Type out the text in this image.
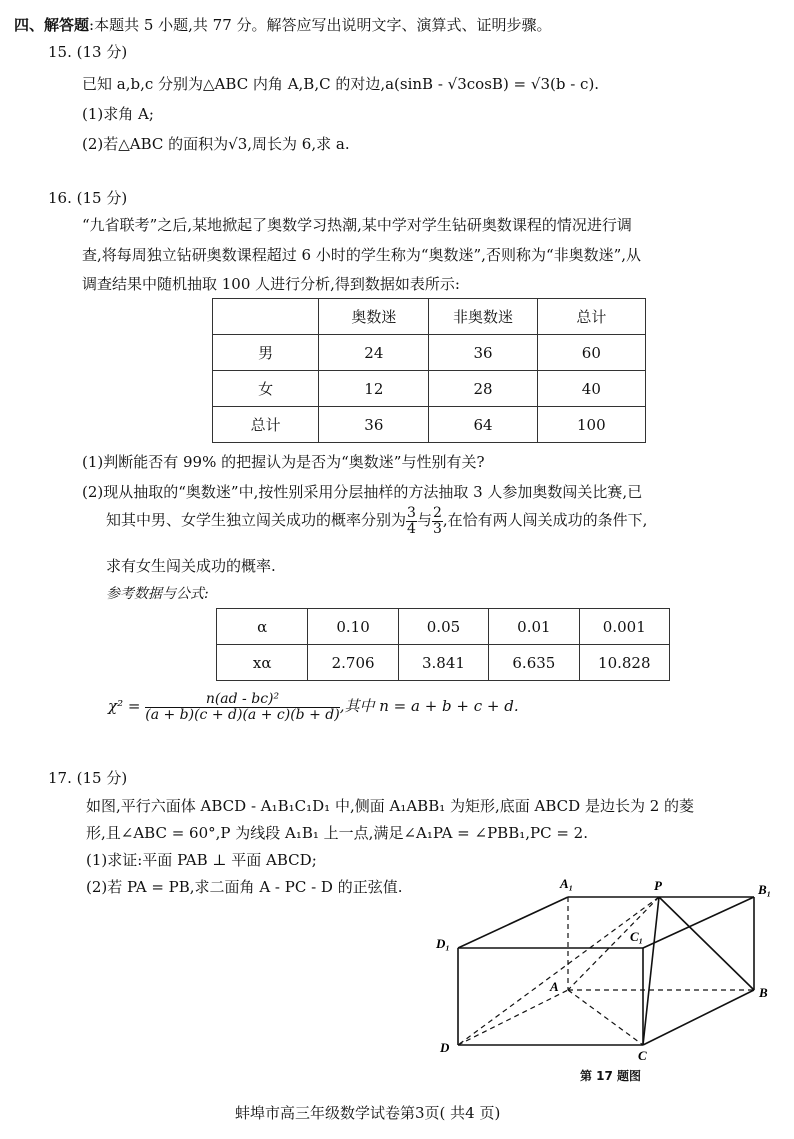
四、解答题:本题共 5 小题,共 77 分。解答应写出说明文字、演算式、证明步骤。
15. (13 分)
已知 a,b,c 分别为△ABC 内角 A,B,C 的对边,a(sinB - √3cosB) = √3(b - c).
(1)求角 A;
(2)若△ABC 的面积为√3,周长为 6,求 a.
16. (15 分)
“九省联考”之后,某地掀起了奥数学习热潮,某中学对学生钻研奥数课程的情况进行调
查,将每周独立钻研奥数课程超过 6 小时的学生称为“奥数迷”,否则称为“非奥数迷”,从
调查结果中随机抽取 100 人进行分析,得到数据如表所示:
	奥数迷	非奥数迷	总计
男	24	36	60
女	12	28	40
总计	36	64	100
(1)判断能否有 99% 的把握认为是否为“奥数迷”与性别有关?
(2)现从抽取的“奥数迷”中,按性别采用分层抽样的方法抽取 3 人参加奥数闯关比赛,已
知其中男、女学生独立闯关成功的概率分别为 $\frac{3}{4}$ 与 $\frac{2}{3}$ ,在恰有两人闯关成功的条件下,
求有女生闯关成功的概率.
参考数据与公式:
α	0.10	0.05	0.01	0.001
xα	2.706	3.841	6.635	10.828
$\chi^2 = \frac{\text{n(ad - bc)²}}{(a + b)(c + d)(a + c)(b + d)}$ ,其中 n = a + b + c + d.
17. (15 分)
如图,平行六面体 ABCD - A₁B₁C₁D₁ 中,侧面 A₁ABB₁ 为矩形,底面 ABCD 是边长为 2 的菱
形,且∠ABC = 60°,P 为线段 A₁B₁ 上一点,满足∠A₁PA = ∠PBB₁,PC = 2.
(1)求证:平面 PAB ⊥ 平面 ABCD;
(2)若 PA = PB,求二面角 A - PC - D 的正弦值.	A₁	P	B₁
D₁	C₁
A	B
D
C
第 17 题图
蚌埠市高三年级数学试卷第3页( 共4 页)
